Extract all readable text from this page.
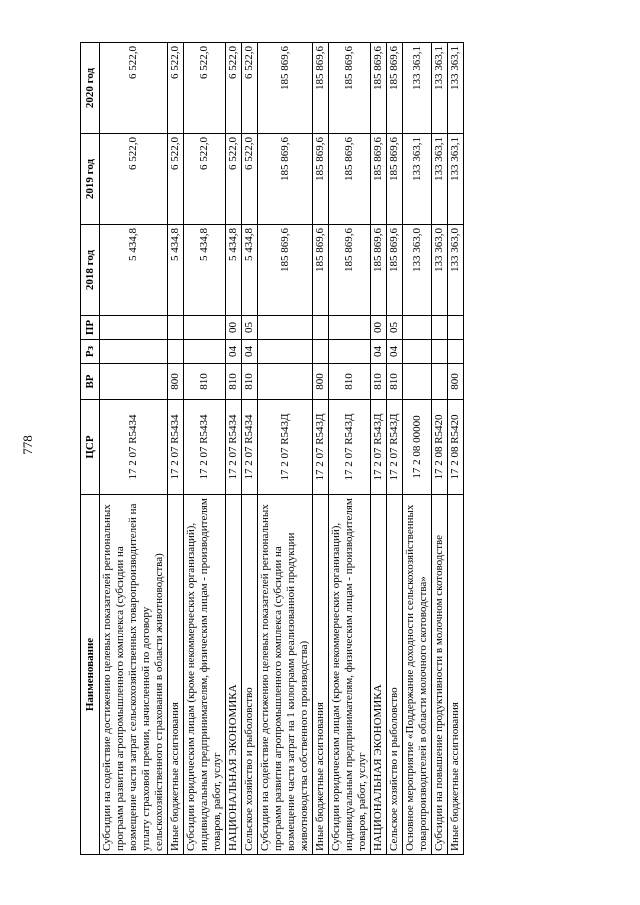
778
Наименование	ЦСР	ВР	Рз	ПР	2018 год	2019 год	2020 год
Субсидии на содействие достижению целевых показателей региональных программ развития агропромышленного комплекса (субсидии на возмещение части затрат сельскохозяйственных товаропроизводителей на уплату страховой премии, начисленной по договору сельскохозяйственного страхования в области животноводства)	17 2 07 R5434				5 434,8	6 522,0	6 522,0
Иные бюджетные ассигнования	17 2 07 R5434	800			5 434,8	6 522,0	6 522,0
Субсидии юридическим лицам (кроме некоммерческих организаций), индивидуальным предпринимателям, физическим лицам - производителям товаров, работ, услуг	17 2 07 R5434	810			5 434,8	6 522,0	6 522,0
НАЦИОНАЛЬНАЯ ЭКОНОМИКА	17 2 07 R5434	810	04	00	5 434,8	6 522,0	6 522,0
Сельское хозяйство и рыболовство	17 2 07 R5434	810	04	05	5 434,8	6 522,0	6 522,0
Субсидии на содействие достижению целевых показателей региональных программ развития агропромышленного комплекса (субсидии на возмещение части затрат на 1 килограмм реализованной продукции животноводства собственного производства)	17 2 07 R543Д				185 869,6	185 869,6	185 869,6
Иные бюджетные ассигнования	17 2 07 R543Д	800			185 869,6	185 869,6	185 869,6
Субсидии юридическим лицам (кроме некоммерческих организаций), индивидуальным предпринимателям, физическим лицам - производителям товаров, работ, услуг	17 2 07 R543Д	810			185 869,6	185 869,6	185 869,6
НАЦИОНАЛЬНАЯ ЭКОНОМИКА	17 2 07 R543Д	810	04	00	185 869,6	185 869,6	185 869,6
Сельское хозяйство и рыболовство	17 2 07 R543Д	810	04	05	185 869,6	185 869,6	185 869,6
Основное мероприятие «Поддержание доходности сельскохозяйственных товаропроизводителей в области молочного скотоводства»	17 2 08 00000				133 363,0	133 363,1	133 363,1
Субсидии на повышение продуктивности в молочном скотоводстве	17 2 08 R5420				133 363,0	133 363,1	133 363,1
Иные бюджетные ассигнования	17 2 08 R5420	800			133 363,0	133 363,1	133 363,1
